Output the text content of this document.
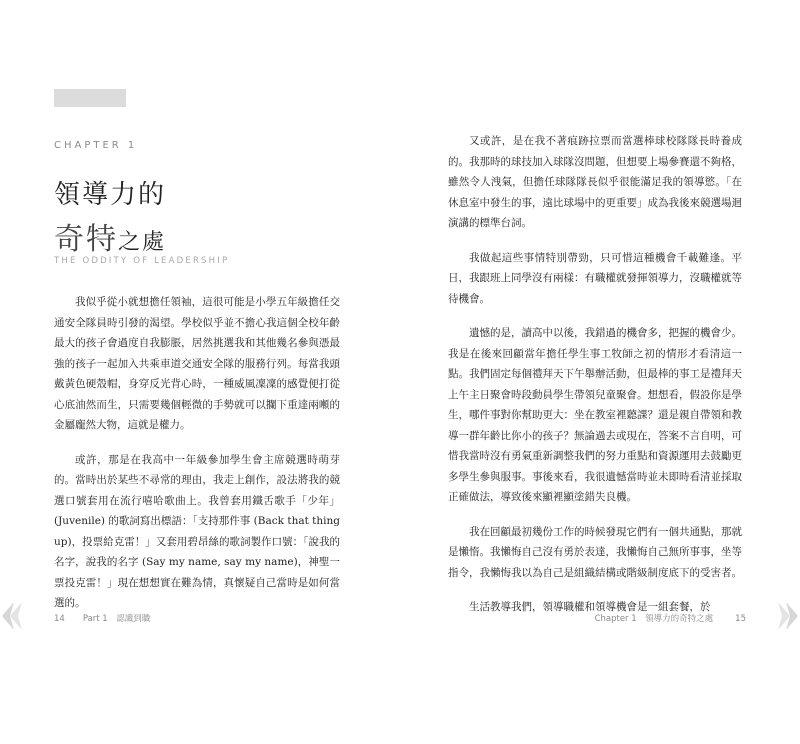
CHAPTER 1
領導力的
奇特之處
THE ODDITY OF LEADERSHIP

我似乎從小就想擔任領袖，這很可能是小學五年級擔任交通安全隊員時引發的渴望。學校似乎並不擔心我這個全校年齡最大的孩子會過度自我膨脹，居然挑選我和其他幾名參與憑最強的孩子一起加入共乘車道交通安全隊的服務行列。每當我頭戴黃色硬殼帽，身穿反光背心時，一種威風凜凜的感覺便打從心底油然而生，只需要幾個輕微的手勢就可以攔下重達兩噸的金屬龐然大物，這就是權力。

或許，那是在我高中一年級參加學生會主席競選時萌芽的。當時出於某些不尋常的理由，我走上創作，設法將我的競選口號套用在流行嘻哈歌曲上。我曾套用鐵舌歌手「少年」(Juvenile) 的歌詞寫出標語：「支持那件事 (Back that thing up)，投票給克雷！」又套用碧昂絲的歌詞製作口號：「說我的名字，說我的名字 (Say my name, say my name)，神聖一票投克雷！」現在想想實在難為情，真懷疑自己當時是如何當選的。

14 Part 1　認識到職

又或許，是在我不著痕跡拉票而當選棒球校隊隊長時養成的。我那時的球技加入球隊沒問題，但想要上場參賽還不夠格，雖然令人洩氣，但擔任球隊隊長似乎很能滿足我的領導慾。「在休息室中發生的事，遠比球場中的更重要」成為我後來競選場迴演講的標準台詞。

我做起這些事情特別帶勁，只可惜這種機會千載難逢。平日，我跟班上同學沒有兩樣：有職權就發揮領導力，沒職權就等待機會。

遺憾的是，讀高中以後，我錯過的機會多，把握的機會少。我是在後來回顧當年擔任學生事工牧師之初的情形才看清這一點。我們固定每個禮拜天下午舉辦活動，但最棒的事工是禮拜天上午主日聚會時段動員學生帶領兒童聚會。想想看，假設你是學生，哪件事對你幫助更大：坐在教室裡聽課？還是親自帶領和教導一群年齡比你小的孩子？無論過去或現在，答案不言自明，可惜我當時沒有勇氣重新調整我們的努力重點和資源運用去鼓勵更多學生參與服事。事後來看，我很遺憾當時並未即時看清並採取正確做法，導致後來顯裡顯塗錯失良機。

我在回顧最初幾份工作的時候發現它們有一個共通點，那就是懶惰。我懶悔自己沒有勇於表達，我懶悔自己無所事事，坐等指令，我懶悔我以為自己是組織結構或階級制度底下的受害者。

生活教導我們，領導職權和領導機會是一組套餐，於

Chapter 1　領導力的奇特之處	15
